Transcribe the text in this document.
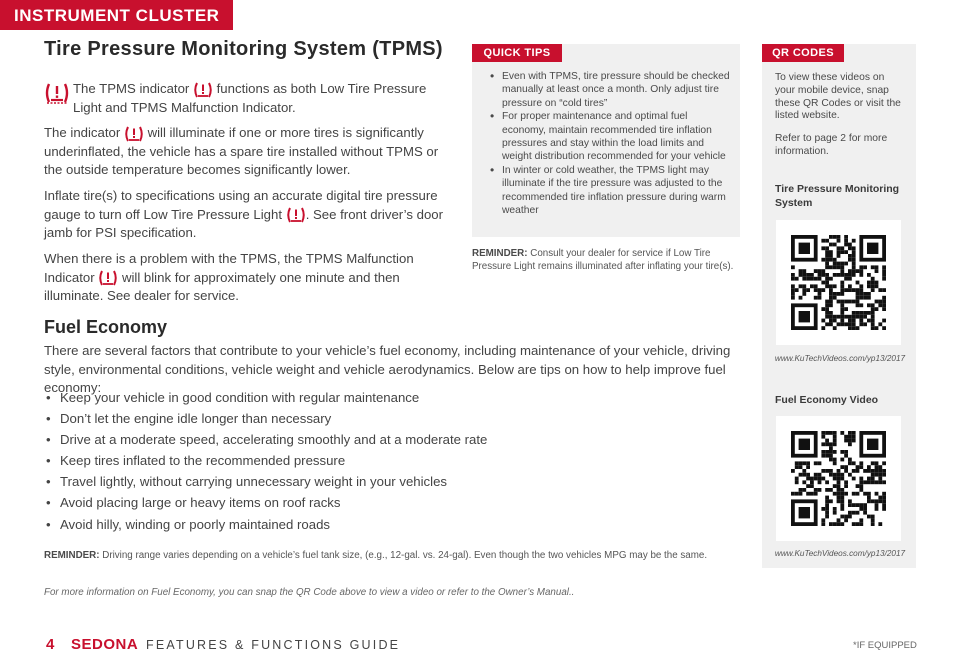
INSTRUMENT CLUSTER
Tire Pressure Monitoring System (TPMS)
The TPMS indicator functions as both Low Tire Pressure Light and TPMS Malfunction Indicator.
The indicator will illuminate if one or more tires is significantly underinflated, the vehicle has a spare tire installed without TPMS or the outside temperature becomes significantly lower.
Inflate tire(s) to specifications using an accurate digital tire pressure gauge to turn off Low Tire Pressure Light . See front driver’s door jamb for PSI specification.
When there is a problem with the TPMS, the TPMS Malfunction Indicator will blink for approximately one minute and then illuminate. See dealer for service.
QUICK TIPS
• Even with TPMS, tire pressure should be checked manually at least once a month. Only adjust tire pressure on “cold tires”
• For proper maintenance and optimal fuel economy, maintain recommended tire inflation pressures and stay within the load limits and weight distribution recommended for your vehicle
• In winter or cold weather, the TPMS light may illuminate if the tire pressure was adjusted to the recommended tire inflation pressure during warm weather
REMINDER: Consult your dealer for service if Low Tire Pressure Light remains illuminated after inflating your tire(s).
Fuel Economy
There are several factors that contribute to your vehicle’s fuel economy, including maintenance of your vehicle, driving style, environmental conditions, vehicle weight and vehicle aerodynamics. Below are tips on how to help improve fuel economy:
• Keep your vehicle in good condition with regular maintenance
• Don’t let the engine idle longer than necessary
• Drive at a moderate speed, accelerating smoothly and at a moderate rate
• Keep tires inflated to the recommended pressure
• Travel lightly, without carrying unnecessary weight in your vehicles
• Avoid placing large or heavy items on roof racks
• Avoid hilly, winding or poorly maintained roads
REMINDER: Driving range varies depending on a vehicle’s fuel tank size, (e.g., 12-gal. vs. 24-gal). Even though the two vehicles MPG may be the same.
For more information on Fuel Economy, you can snap the QR Code above to view a video or refer to the Owner’s Manual..
QR CODES
To view these videos on your mobile device, snap these QR Codes or visit the listed website.
Refer to page 2 for more information.
Tire Pressure Monitoring System
www.KuTechVideos.com/yp13/2017
Fuel Economy Video
www.KuTechVideos.com/yp13/2017
4 SEDONA FEATURES & FUNCTIONS GUIDE	*IF EQUIPPED
